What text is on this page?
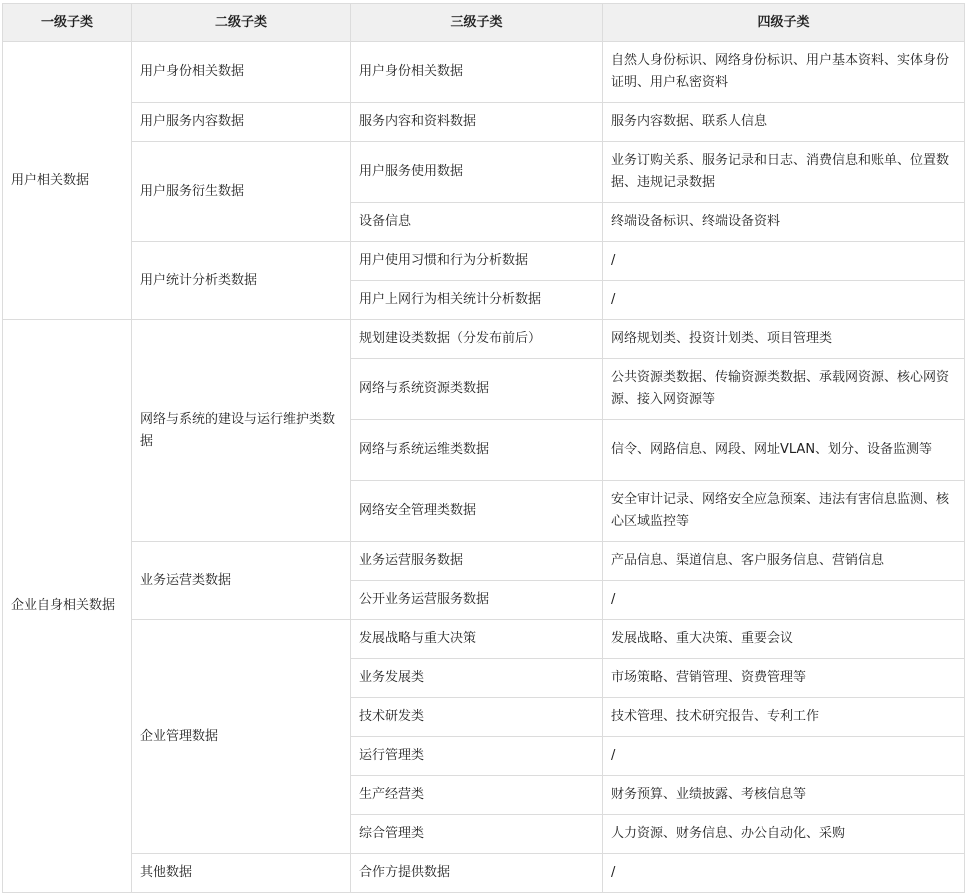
一级子类	二级子类	三级子类	四级子类
用户相关数据	用户身份相关数据	用户身份相关数据	自然人身份标识、网络身份标识、用户基本资料、实体身份证明、用户私密资料
	用户服务内容数据	服务内容和资料数据	服务内容数据、联系人信息
	用户服务衍生数据	用户服务使用数据	业务订购关系、服务记录和日志、消费信息和账单、位置数据、违规记录数据
		设备信息	终端设备标识、终端设备资料
	用户统计分析类数据	用户使用习惯和行为分析数据	/
		用户上网行为相关统计分析数据	/
企业自身相关数据	网络与系统的建设与运行维护类数据	规划建设类数据（分发布前后）	网络规划类、投资计划类、项目管理类
		网络与系统资源类数据	公共资源类数据、传输资源类数据、承载网资源、核心网资源、接入网资源等
		网络与系统运维类数据	信令、网路信息、网段、网址VLAN、划分、设备监测等
		网络安全管理类数据	安全审计记录、网络安全应急预案、违法有害信息监测、核心区域监控等
	业务运营类数据	业务运营服务数据	产品信息、渠道信息、客户服务信息、营销信息
		公开业务运营服务数据	/
	企业管理数据	发展战略与重大决策	发展战略、重大决策、重要会议
		业务发展类	市场策略、营销管理、资费管理等
		技术研发类	技术管理、技术研究报告、专利工作
		运行管理类	/
		生产经营类	财务预算、业绩披露、考核信息等
		综合管理类	人力资源、财务信息、办公自动化、采购
	其他数据	合作方提供数据	/
